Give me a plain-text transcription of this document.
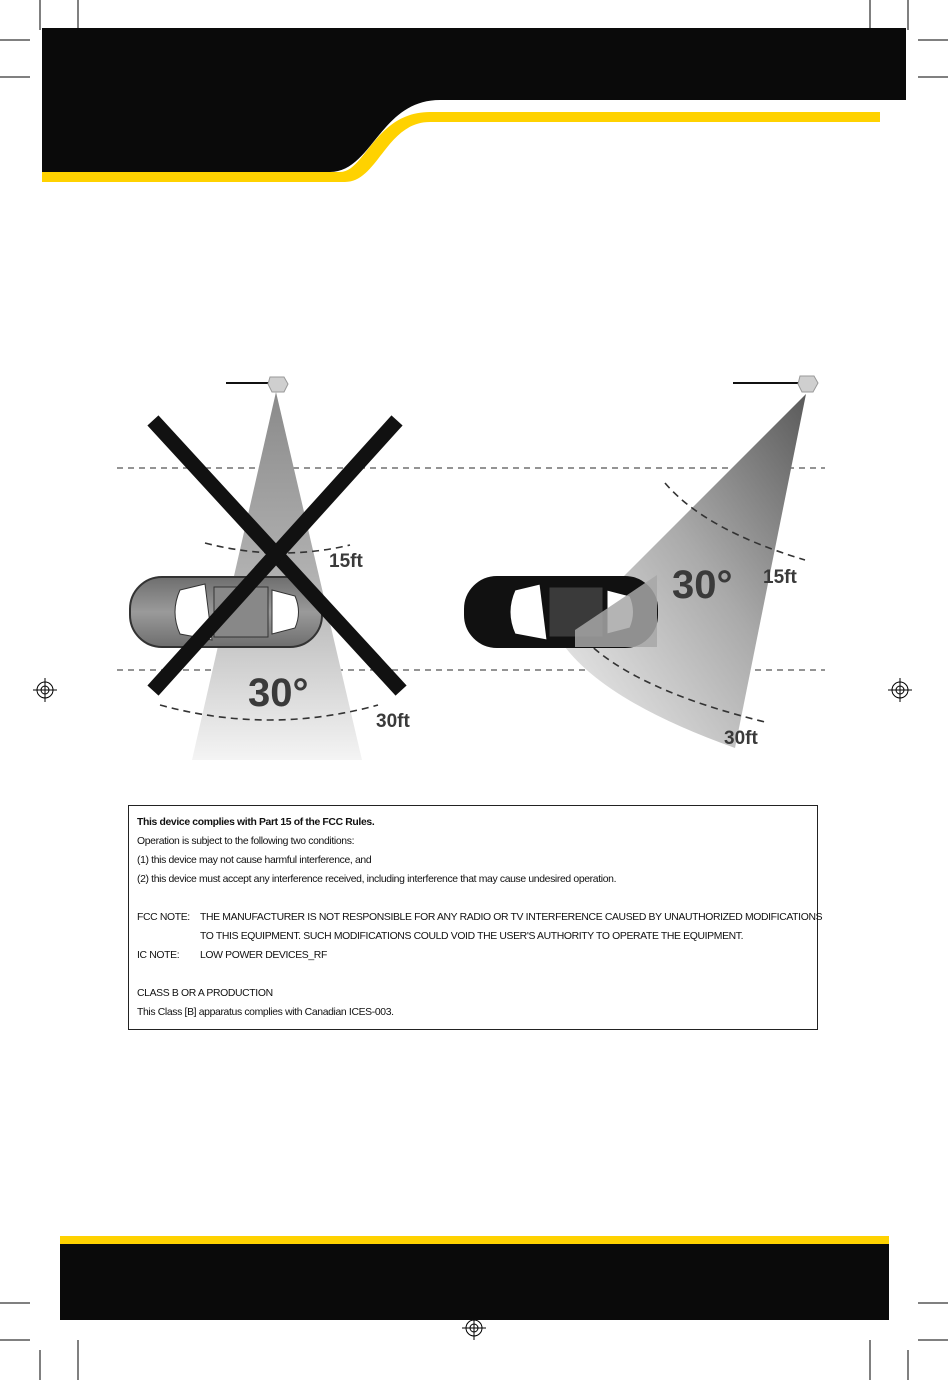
30°
15ft
30ft
30° 15ft
30ft
This device complies with Part 15 of the FCC Rules.
Operation is subject to the following two conditions:
(1) this device may not cause harmful interference, and
(2) this device must accept any interference received, including interference that may cause undesired operation.
FCC NOTE: THE MANUFACTURER IS NOT RESPONSIBLE FOR ANY RADIO OR TV INTERFERENCE CAUSED BY UNAUTHORIZED MODIFICATIONS
TO THIS EQUIPMENT. SUCH MODIFICATIONS COULD VOID THE USER'S AUTHORITY TO OPERATE THE EQUIPMENT.
IC NOTE: LOW POWER DEVICES_RF
CLASS B OR A PRODUCTION
This Class [B] apparatus complies with Canadian ICES-003.
